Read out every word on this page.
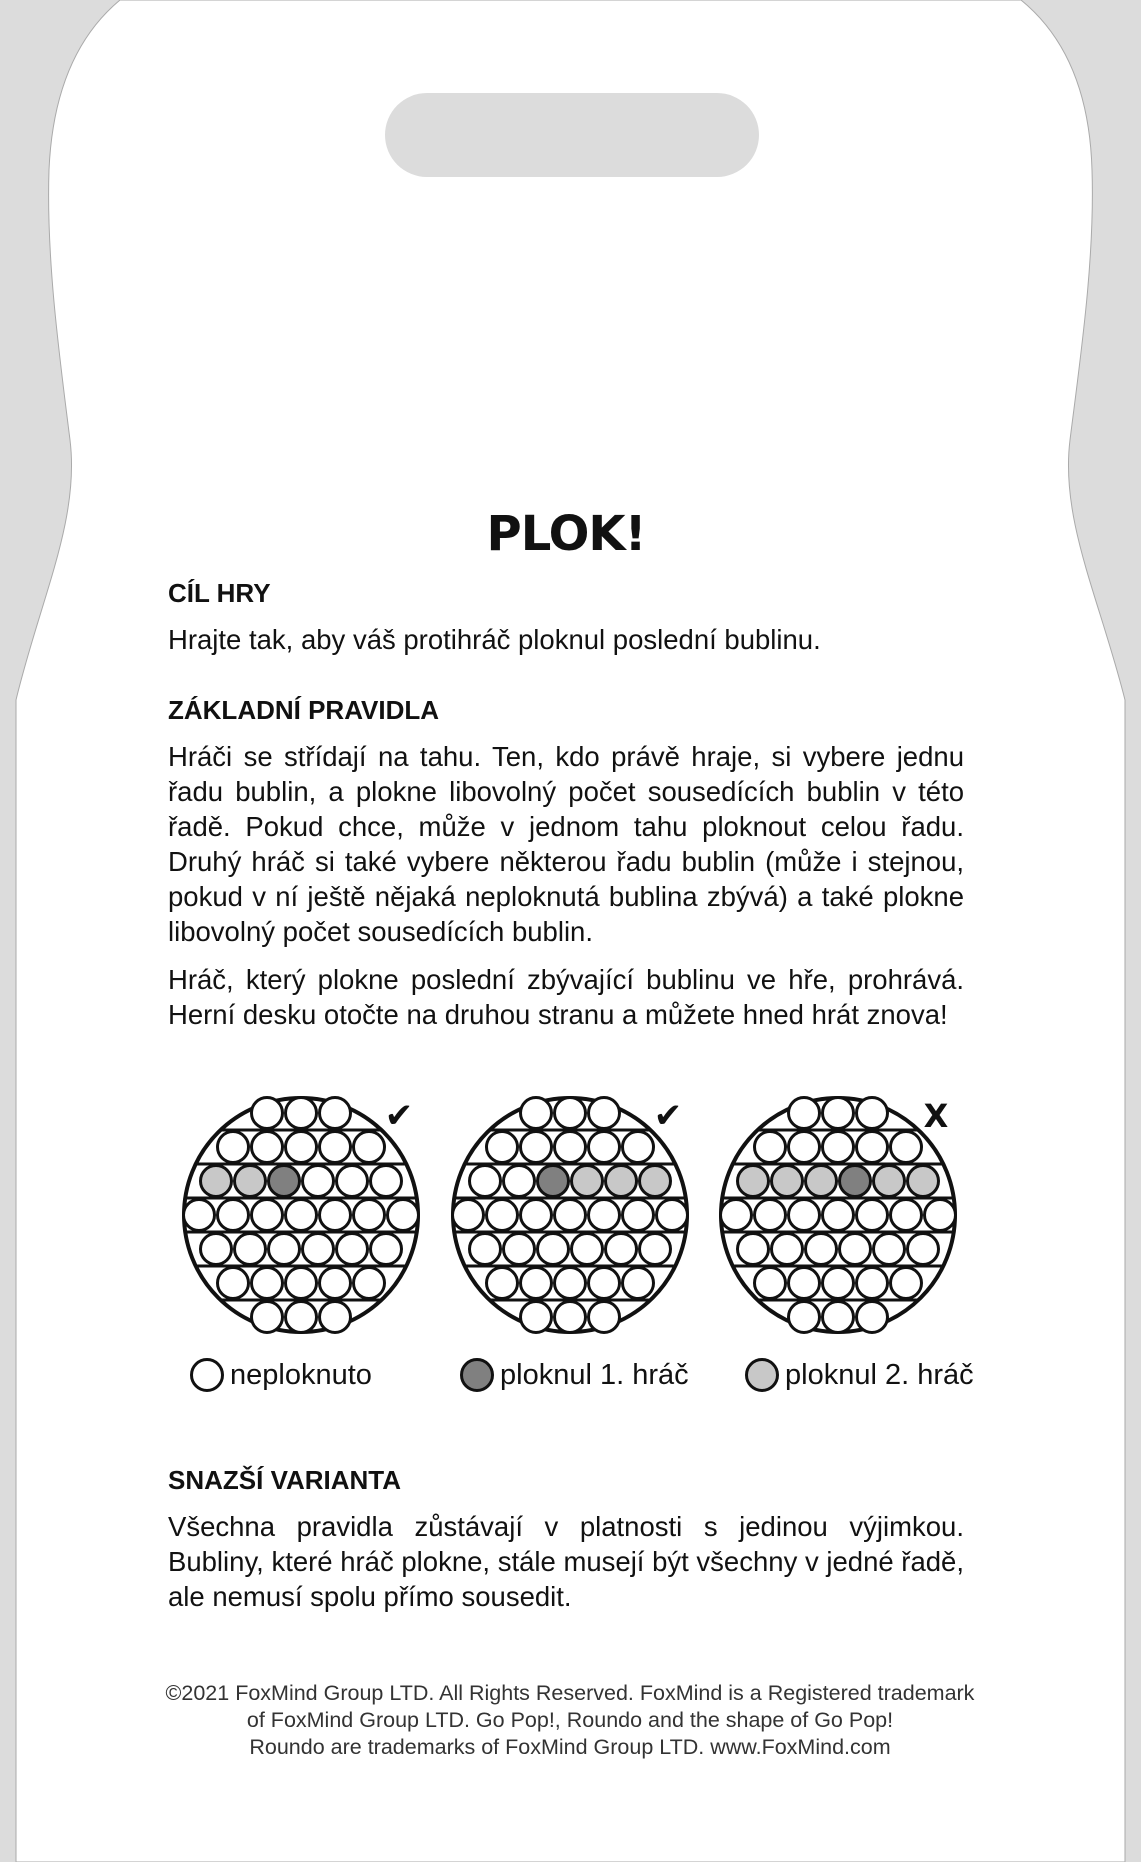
PLOK!
CÍL HRY

Hrajte tak, aby váš protihráč ploknul poslední bublinu.

ZÁKLADNÍ PRAVIDLA

Hráči se střídají na tahu. Ten, kdo právě hraje, si vybere jednu řadu bublin, a plokne libovolný počet sousedících bublin v této řadě. Pokud chce, může v jednom tahu ploknout celou řadu. Druhý hráč si také vybere některou řadu bublin (může i stejnou, pokud v ní ještě nějaká neploknutá bublina zbývá) a také plokne libovolný počet sousedících bublin.

Hráč, který plokne poslední zbývající bublinu ve hře, prohrává. Herní desku otočte na druhou stranu a můžete hned hrát znova!

SNAZŠÍ VARIANTA

Všechna pravidla zůstávají v platnosti s jedinou výjimkou. Bubliny, které hráč plokne, stále musejí být všechny v jedné řadě, ale nemusí spolu přímo sousedit.

✔	✔	X
neploknuto	ploknul 1. hráč	ploknul 2. hráč
©2021 FoxMind Group LTD. All Rights Reserved. FoxMind is a Registered trademark
of FoxMind Group LTD. Go Pop!, Roundo and the shape of Go Pop!
Roundo are trademarks of FoxMind Group LTD. www.FoxMind.com
